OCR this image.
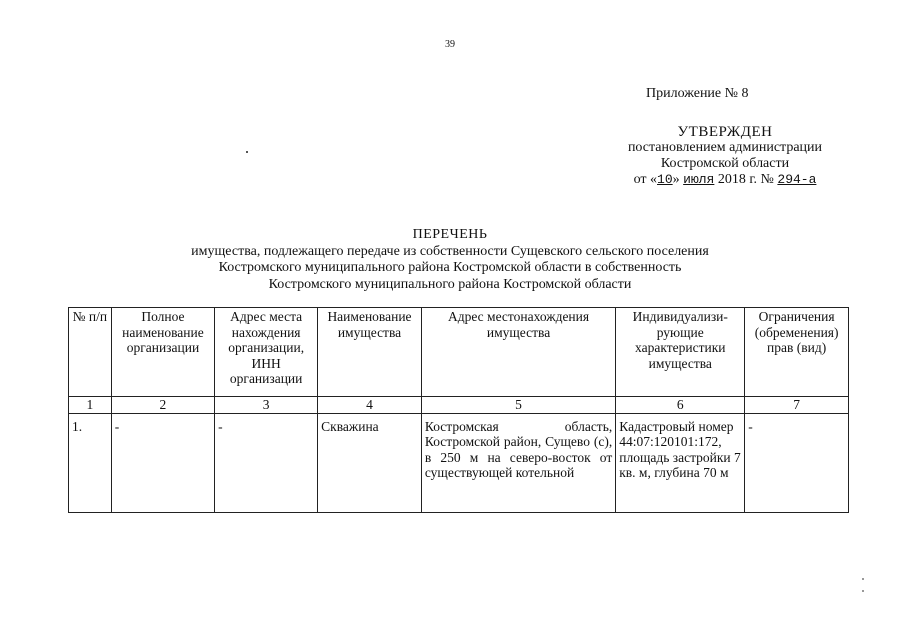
39
Приложение № 8
УТВЕРЖДЕН
постановлением администрации
Костромской области
от «10» июля 2018 г. № 294-а
ПЕРЕЧЕНЬ
имущества, подлежащего передаче из собственности Сущевского сельского поселения
Костромского муниципального района Костромской области в собственность
Костромского муниципального района Костромской области
№ п/п	Полное наименование организации	Адрес места нахождения организации, ИНН организации	Наименование имущества	Адрес местонахождения имущества	Индивидуализи-рующие характеристики имущества	Ограничения (обременения) прав (вид)
1	2	3	4	5	6	7
1.	-	-	Скважина	Костромская область, Костромской район, Сущево (с), в 250 м на северо-восток от существующей котельной	Кадастровый номер 44:07:120101:172, площадь застройки 7 кв. м, глубина 70 м	-
